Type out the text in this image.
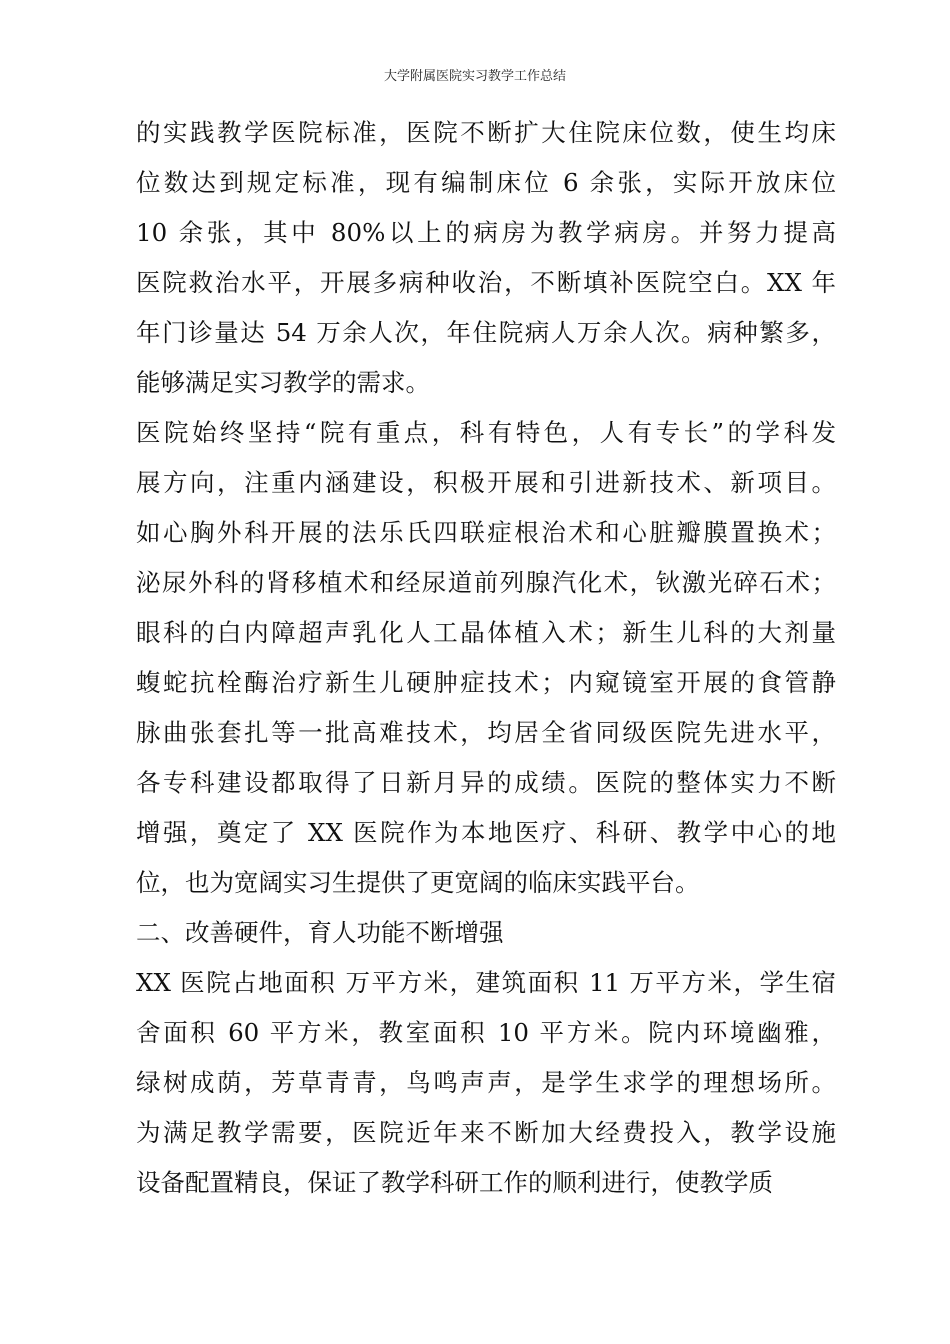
大学附属医院实习教学工作总结
的实践教学医院标准，医院不断扩大住院床位数，使生均床
位数达到规定标准，现有编制床位 6 余张，实际开放床位
10 余张，其中 80%以上的病房为教学病房。并努力提高
医院救治水平，开展多病种收治，不断填补医院空白。XX 年
年门诊量达 54 万余人次，年住院病人万余人次。病种繁多，
能够满足实习教学的需求。
医院始终坚持“院有重点，科有特色，人有专长”的学科发
展方向，注重内涵建设，积极开展和引进新技术、新项目。
如心胸外科开展的法乐氏四联症根治术和心脏瓣膜置换术；
泌尿外科的肾移植术和经尿道前列腺汽化术，钬激光碎石术；
眼科的白内障超声乳化人工晶体植入术；新生儿科的大剂量
蝮蛇抗栓酶治疗新生儿硬肿症技术；内窥镜室开展的食管静
脉曲张套扎等一批高难技术，均居全省同级医院先进水平，
各专科建设都取得了日新月异的成绩。医院的整体实力不断
增强，奠定了 XX 医院作为本地医疗、科研、教学中心的地
位，也为宽阔实习生提供了更宽阔的临床实践平台。
二、改善硬件，育人功能不断增强
XX 医院占地面积 万平方米，建筑面积 11 万平方米，学生宿
舍面积 60 平方米，教室面积 10 平方米。院内环境幽雅，
绿树成荫，芳草青青，鸟鸣声声，是学生求学的理想场所。
为满足教学需要，医院近年来不断加大经费投入，教学设施
设备配置精良，保证了教学科研工作的顺利进行，使教学质
